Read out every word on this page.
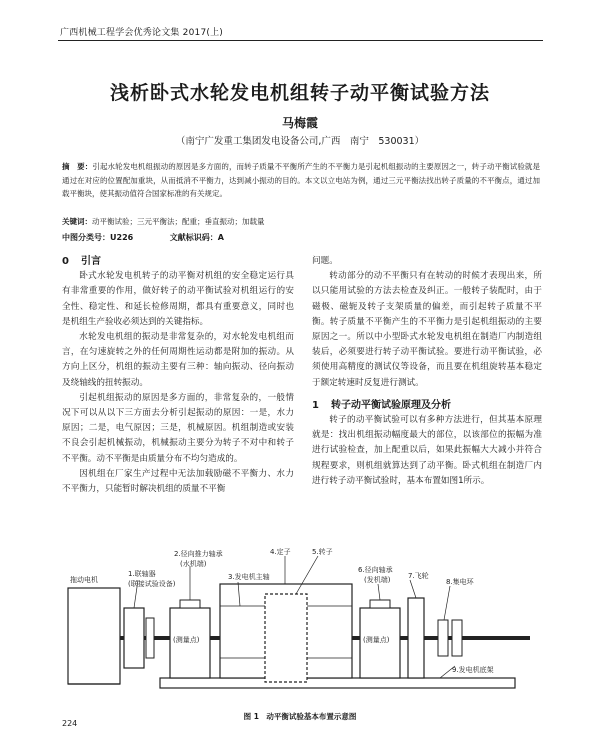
广西机械工程学会优秀论文集 2017(上)
浅析卧式水轮发电机组转子动平衡试验方法
马梅霞
（南宁广发重工集团发电设备公司,广西　南宁　530031）
摘　要：引起水轮发电机组振动的原因是多方面的，而转子质量不平衡所产生的不平衡力是引起机组振动的主要原因之一，转子动平衡试验就是通过在对应的位置配加重块，从而抵消不平衡力，达到减小振动的目的。本文以立电站为例，通过三元平衡法找出转子质量的不平衡点，通过加载平衡块，使其振动值符合国家标准的有关规定。
关键词：动平衡试验；三元平衡法；配重；垂直振动；加载量
中图分类号：U226	文献标识码：A

0 引言

卧式水轮发电机转子的动平衡对机组的安全稳定运行具有非常重要的作用，做好转子的动平衡试验对机组运行的安全性、稳定性、和延长检修周期，都具有重要意义，同时也是机组生产验收必须达到的关键指标。

水轮发电机组的振动是非常复杂的，对水轮发电机组而言，在匀速旋转之外的任何周期性运动都是附加的振动。从方向上区分，机组的振动主要有三种：轴向振动、径向振动及绕轴线的扭转振动。

引起机组振动的原因是多方面的，非常复杂的，一般情况下可以从以下三方面去分析引起振动的原因：一是，水力原因；二是，电气原因；三是，机械原因。机组制造或安装不良会引起机械振动，机械振动主要分为转子不对中和转子不平衡。动不平衡是由质量分布不均匀造成的。

因机组在厂家生产过程中无法加载励磁不平衡力、水力不平衡力，只能暂时解决机组的质量不平衡

问题。

转动部分的动不平衡只有在转动的时候才表现出来，所以只能用试验的方法去检查及纠正。一般转子装配时，由于磁极、磁轭及转子支架质量的偏差，而引起转子质量不平衡。转子质量不平衡产生的不平衡力是引起机组振动的主要原因之一。所以中小型卧式水轮发电机组在制造厂内制造组装后，必须要进行转子动平衡试验。要进行动平衡试验，必须使用高精度的测试仪等设备，而且要在机组旋转基本稳定于额定转速时反复进行测试。

1 转子动平衡试验原理及分析

转子的动平衡试验可以有多种方法进行，但其基本原理就是：找出机组振动幅度最大的部位，以该部位的振幅为准进行试验检查，加上配重以后，如果此振幅大大减小并符合规程要求，则机组就算达到了动平衡。卧式机组在制造厂内进行转子动平衡试验时，基本布置如图1所示。

拖动电机
1.联轴器
(联接试验设备)
2.径向推力轴承
(水机端)
3.发电机主轴
4.定子	5.转子
6.径向轴承
(发机端)	7.飞轮
8.集电环
9.发电机底架
(测量点)	(测量点)
图 1　动平衡试验基本布置示意图
224
